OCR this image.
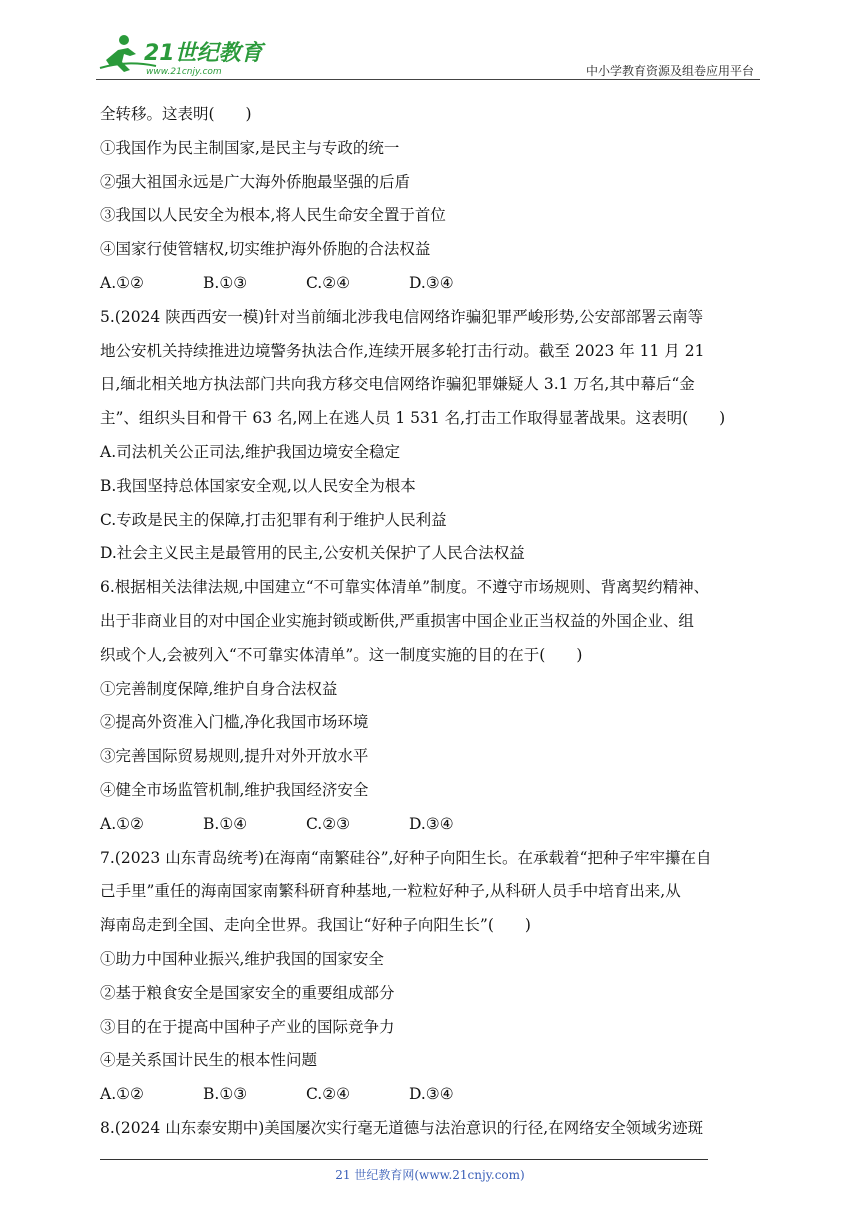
21世纪教育
www.21cnjy.com	中小学教育资源及组卷应用平台
全转移。这表明(　　)
①我国作为民主制国家,是民主与专政的统一
②强大祖国永远是广大海外侨胞最坚强的后盾
③我国以人民安全为根本,将人民生命安全置于首位
④国家行使管辖权,切实维护海外侨胞的合法权益
A.①②	B.①③	C.②④	D.③④
5.(2024 陕西西安一模)针对当前缅北涉我电信网络诈骗犯罪严峻形势,公安部部署云南等
地公安机关持续推进边境警务执法合作,连续开展多轮打击行动。截至 2023 年 11 月 21
日,缅北相关地方执法部门共向我方移交电信网络诈骗犯罪嫌疑人 3.1 万名,其中幕后“金
主”、组织头目和骨干 63 名,网上在逃人员 1 531 名,打击工作取得显著战果。这表明(　　)
A.司法机关公正司法,维护我国边境安全稳定
B.我国坚持总体国家安全观,以人民安全为根本
C.专政是民主的保障,打击犯罪有利于维护人民利益
D.社会主义民主是最管用的民主,公安机关保护了人民合法权益
6.根据相关法律法规,中国建立“不可靠实体清单”制度。不遵守市场规则、背离契约精神、
出于非商业目的对中国企业实施封锁或断供,严重损害中国企业正当权益的外国企业、组
织或个人,会被列入“不可靠实体清单”。这一制度实施的目的在于(　　)
①完善制度保障,维护自身合法权益
②提高外资准入门槛,净化我国市场环境
③完善国际贸易规则,提升对外开放水平
④健全市场监管机制,维护我国经济安全
A.①②	B.①④	C.②③	D.③④
7.(2023 山东青岛统考)在海南“南繁硅谷”,好种子向阳生长。在承载着“把种子牢牢攥在自
己手里”重任的海南国家南繁科研育种基地,一粒粒好种子,从科研人员手中培育出来,从
海南岛走到全国、走向全世界。我国让“好种子向阳生长”(　　)
①助力中国种业振兴,维护我国的国家安全
②基于粮食安全是国家安全的重要组成部分
③目的在于提高中国种子产业的国际竞争力
④是关系国计民生的根本性问题
A.①②	B.①③	C.②④	D.③④
8.(2024 山东泰安期中)美国屡次实行毫无道德与法治意识的行径,在网络安全领域劣迹斑
21 世纪教育网(www.21cnjy.com)
